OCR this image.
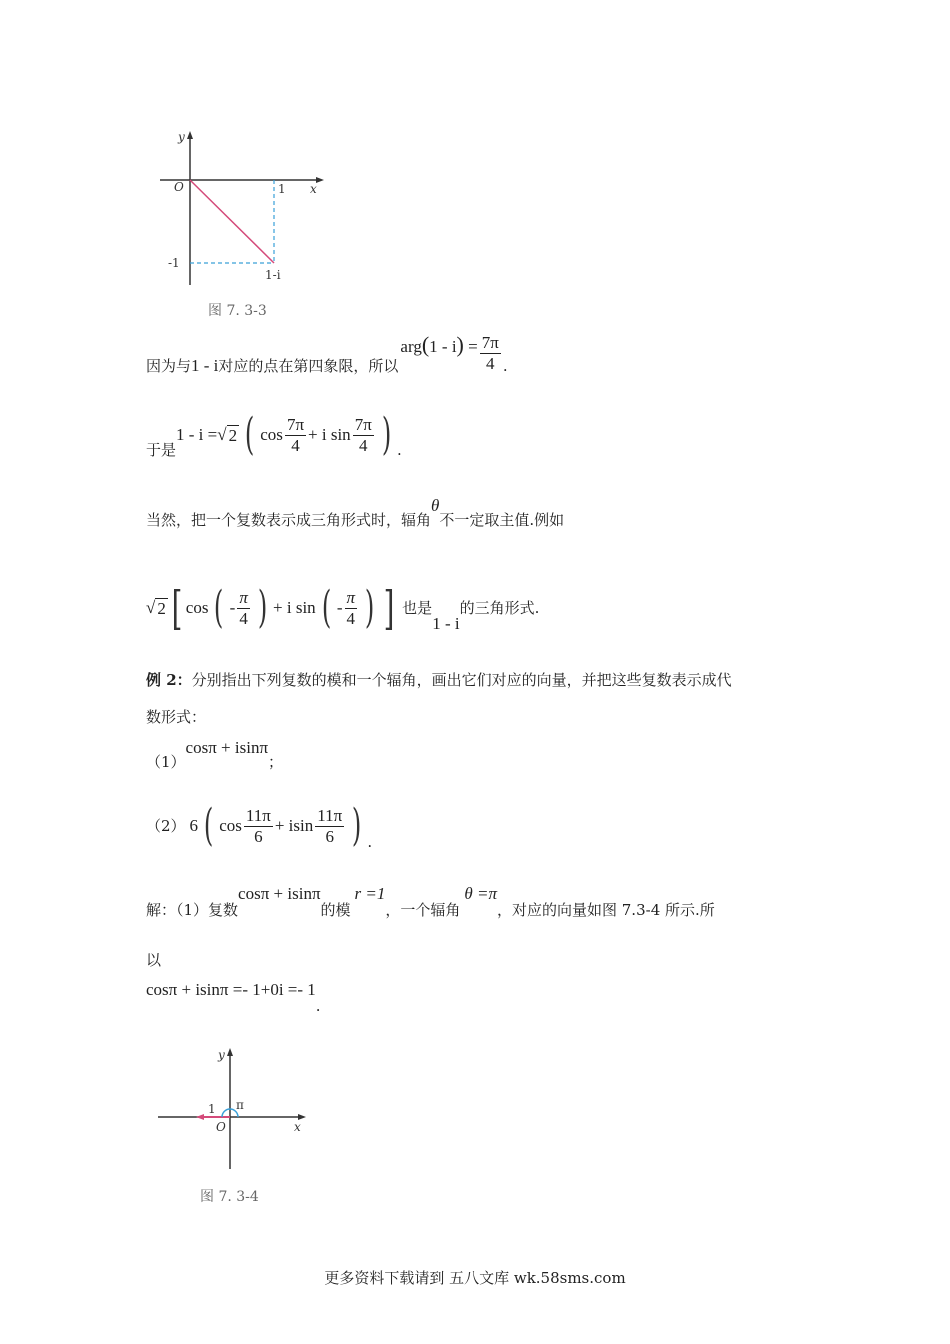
y
x
O	1
-1
1-i
图 7. 3-3
因为与 1 - i 对应的点在第四象限，所以
$arg(1 - i) = \frac{7\pi}{4}$ .
于是
1 - i = √ 2 ( $\cos \frac{7\pi}{4} + i$ $\sin \frac{7\pi}{4}$ ) .
当然，把一个复数表示成三角形式时，辐角
θ
不一定取主值.例如
√ 2 [ cos ( - $\frac{\pi}{4}$ ) + i sin ( - $\frac{\pi}{4}$ ) ] 也是
1 - i
的三角形式.
例 2：分别指出下列复数的模和一个辐角，画出它们对应的向量，并把这些复数表示成代
数形式：
（1）
cosπ + isinπ
；
（2） 6 ( $\cos \frac{11\pi}{6} + isin \frac{11\pi}{6}$ ) .
解：（1）复数
cosπ + isinπ
的模
r =1
，一个辐角
θ =π
，对应的向量如图 7.3-4 所示.所
以
cosπ + isinπ =- 1+0i =- 1
.
y
x
O
1 π
图 7. 3-4
更多资料下载请到 五八文库 wk.58sms.com
